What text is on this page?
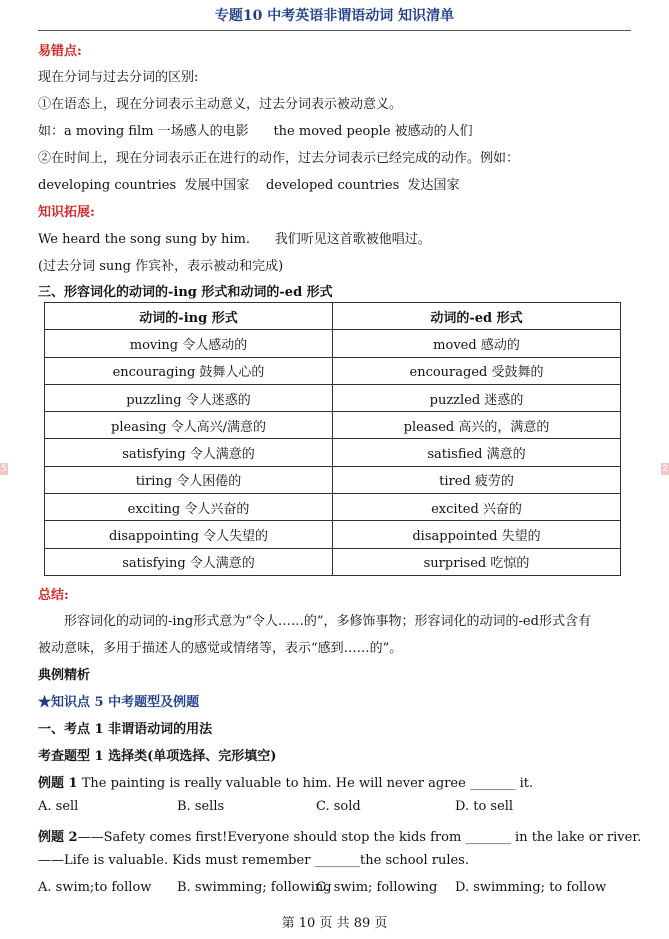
专题10 中考英语非谓语动词 知识清单
易错点:
现在分词与过去分词的区别:
①在语态上，现在分词表示主动意义，过去分词表示被动意义。
如：a moving film 一场感人的电影      the moved people 被感动的人们
②在时间上，现在分词表示正在进行的动作，过去分词表示已经完成的动作。例如：
developing countries  发展中国家    developed countries  发达国家
知识拓展:
We heard the song sung by him.      我们听见这首歌被他唱过。
(过去分词 sung 作宾补，表示被动和完成)
三、形容词化的动词的-ing 形式和动词的-ed 形式
动词的-ing 形式	动词的-ed 形式
moving 令人感动的	moved 感动的
encouraging 鼓舞人心的	encouraged 受鼓舞的
puzzling 令人迷惑的	puzzled 迷惑的
pleasing 令人高兴/满意的	pleased 高兴的，满意的
satisfying 令人满意的	satisfied 满意的
tiring 令人困倦的	tired 疲劳的
exciting 令人兴奋的	excited 兴奋的
disappointing 令人失望的	disappointed 失望的
satisfying 令人满意的	surprised 吃惊的
5	2
总结:
形容词化的动词的-ing形式意为“令人……的”，多修饰事物；形容词化的动词的-ed形式含有
被动意味，多用于描述人的感觉或情绪等，表示“感到……的”。
典例精析
★知识点 5 中考题型及例题
一、考点 1 非谓语动词的用法
考查题型 1 选择类(单项选择、完形填空)
例题 1 The painting is really valuable to him. He will never agree _______ it.
A. sell	B. sells	C. sold	D. to sell
例题 2——Safety comes first!Everyone should stop the kids from _______ in the lake or river.
——Life is valuable. Kids must remember _______the school rules.
A. swim;to follow B. swimming; following
C. swim; following D. swimming; to follow
第 10 页 共 89 页
